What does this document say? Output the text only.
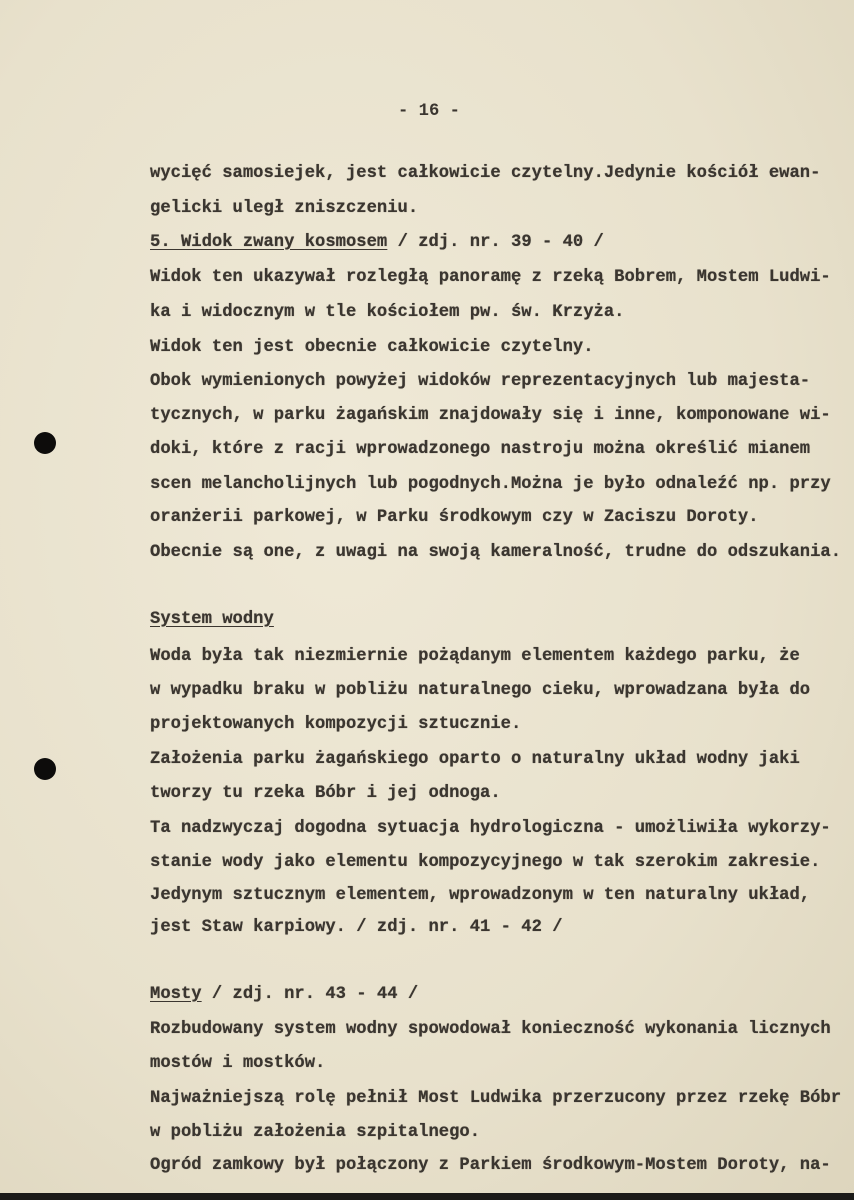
- 16 -
wycięć samosiejek, jest całkowicie czytelny.Jedynie kościół ewan-
gelicki uległ zniszczeniu.
5. Widok zwany kosmosem / zdj. nr. 39 - 40 /
Widok ten ukazywał rozległą panoramę z rzeką Bobrem, Mostem Ludwi-
ka i widocznym w tle kościołem pw. św. Krzyża.
Widok ten jest obecnie całkowicie czytelny.
Obok wymienionych powyżej widoków reprezentacyjnych lub majesta-
tycznych, w parku żagańskim znajdowały się i inne, komponowane wi-
doki, które z racji wprowadzonego nastroju można określić mianem
scen melancholijnych lub pogodnych.Można je było odnaleźć np. przy
oranżerii parkowej, w Parku środkowym czy w Zaciszu Doroty.
Obecnie są one, z uwagi na swoją kameralność, trudne do odszukania.
System wodny
Woda była tak niezmiernie pożądanym elementem każdego parku, że
w wypadku braku w pobliżu naturalnego cieku, wprowadzana była do
projektowanych kompozycji sztucznie.
Założenia parku żagańskiego oparto o naturalny układ wodny jaki
tworzy tu rzeka Bóbr i jej odnoga.
Ta nadzwyczaj dogodna sytuacja hydrologiczna - umożliwiła wykorzy-
stanie wody jako elementu kompozycyjnego w tak szerokim zakresie.
Jedynym sztucznym elementem, wprowadzonym w ten naturalny układ,
jest Staw karpiowy. / zdj. nr. 41 - 42 /
Mosty / zdj. nr. 43 - 44 /
Rozbudowany system wodny spowodował konieczność wykonania licznych
mostów i mostków.
Najważniejszą rolę pełnił Most Ludwika przerzucony przez rzekę Bóbr
w pobliżu założenia szpitalnego.
Ogród zamkowy był połączony z Parkiem środkowym-Mostem Doroty, na-
